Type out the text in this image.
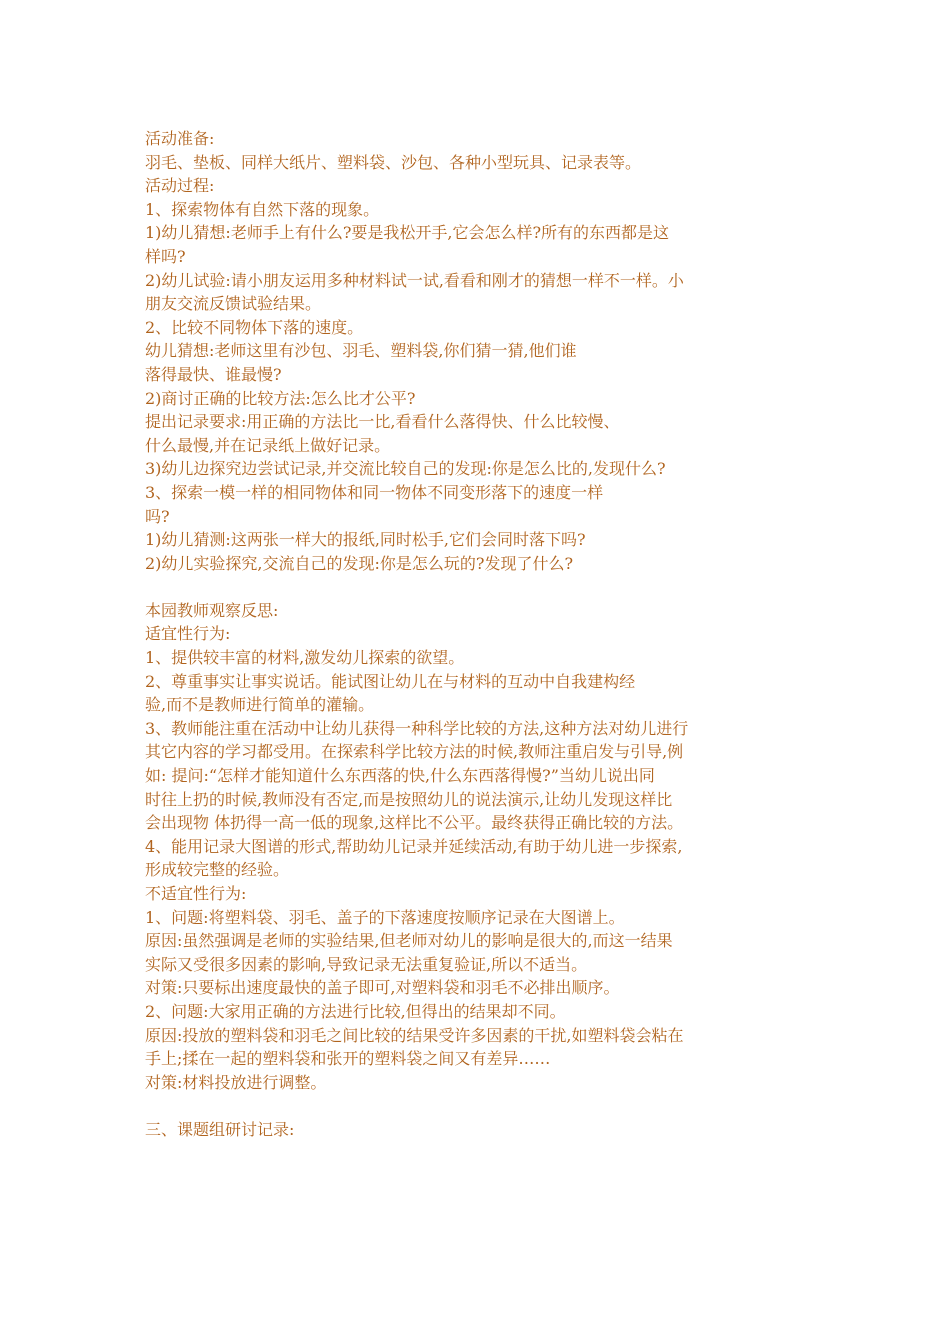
活动准备:
羽毛、垫板、同样大纸片、塑料袋、沙包、各种小型玩具、记录表等。
活动过程:
1、探索物体有自然下落的现象。
1)幼儿猜想:老师手上有什么?要是我松开手,它会怎么样?所有的东西都是这
样吗?
2)幼儿试验:请小朋友运用多种材料试一试,看看和刚才的猜想一样不一样。小
朋友交流反馈试验结果。
2、比较不同物体下落的速度。
幼儿猜想:老师这里有沙包、羽毛、塑料袋,你们猜一猜,他们谁
落得最快、谁最慢?
2)商讨正确的比较方法:怎么比才公平?
提出记录要求:用正确的方法比一比,看看什么落得快、什么比较慢、
什么最慢,并在记录纸上做好记录。
3)幼儿边探究边尝试记录,并交流比较自己的发现:你是怎么比的,发现什么?
3、探索一模一样的相同物体和同一物体不同变形落下的速度一样
吗?
1)幼儿猜测:这两张一样大的报纸,同时松手,它们会同时落下吗?
2)幼儿实验探究,交流自己的发现:你是怎么玩的?发现了什么?
本园教师观察反思:
适宜性行为:
1、提供较丰富的材料,激发幼儿探索的欲望。
2、尊重事实让事实说话。能试图让幼儿在与材料的互动中自我建构经
验,而不是教师进行简单的灌输。
3、教师能注重在活动中让幼儿获得一种科学比较的方法,这种方法对幼儿进行
其它内容的学习都受用。在探索科学比较方法的时候,教师注重启发与引导,例
如: 提问:“怎样才能知道什么东西落的快,什么东西落得慢?”当幼儿说出同
时往上扔的时候,教师没有否定,而是按照幼儿的说法演示,让幼儿发现这样比
会出现物 体扔得一高一低的现象,这样比不公平。最终获得正确比较的方法。
4、能用记录大图谱的形式,帮助幼儿记录并延续活动,有助于幼儿进一步探索,
形成较完整的经验。
不适宜性行为:
1、问题:将塑料袋、羽毛、盖子的下落速度按顺序记录在大图谱上。
原因:虽然强调是老师的实验结果,但老师对幼儿的影响是很大的,而这一结果
实际又受很多因素的影响,导致记录无法重复验证,所以不适当。
对策:只要标出速度最快的盖子即可,对塑料袋和羽毛不必排出顺序。
2、问题:大家用正确的方法进行比较,但得出的结果却不同。
原因:投放的塑料袋和羽毛之间比较的结果受许多因素的干扰,如塑料袋会粘在
手上;揉在一起的塑料袋和张开的塑料袋之间又有差异……
对策:材料投放进行调整。
三、课题组研讨记录:
